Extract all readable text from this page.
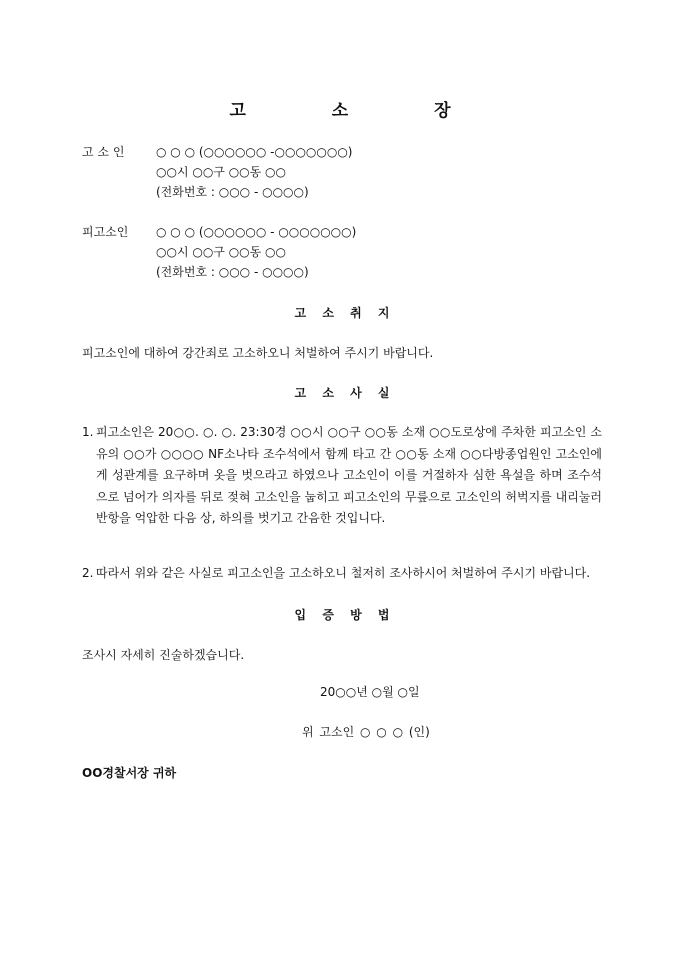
고 소 장
고 소 인	○ ○ ○ (○○○○○○ -○○○○○○○)
○○시 ○○구 ○○동 ○○
(전화번호 : ○○○ - ○○○○)
피고소인	○ ○ ○ (○○○○○○ - ○○○○○○○)
○○시 ○○구 ○○동 ○○
(전화번호 : ○○○ - ○○○○)
고 소 취 지
피고소인에 대하여 강간죄로 고소하오니 처벌하여 주시기 바랍니다.
고 소 사 실
1. 피고소인은 20○○. ○. ○. 23:30경 ○○시 ○○구 ○○동 소재 ○○도로상에 주차한 피고소인 소유의 ○○가 ○○○○ NF소나타 조수석에서 함께 타고 간 ○○동 소재 ○○다방종업원인 고소인에게 성관계를 요구하며 옷을 벗으라고 하였으나 고소인이 이를 거절하자 심한 욕설을 하며 조수석으로 넘어가 의자를 뒤로 젖혀 고소인을 눕히고 피고소인의 무릎으로 고소인의 허벅지를 내리눌러 반항을 억압한 다음 상, 하의를 벗기고 간음한 것입니다.
2. 따라서 위와 같은 사실로 피고소인을 고소하오니 철저히 조사하시어 처벌하여 주시기 바랍니다.
입 증 방 법
조사시 자세히 진술하겠습니다.
20○○년 ○월 ○일
위 고소인 ○ ○ ○ (인)
OO경찰서장 귀하
